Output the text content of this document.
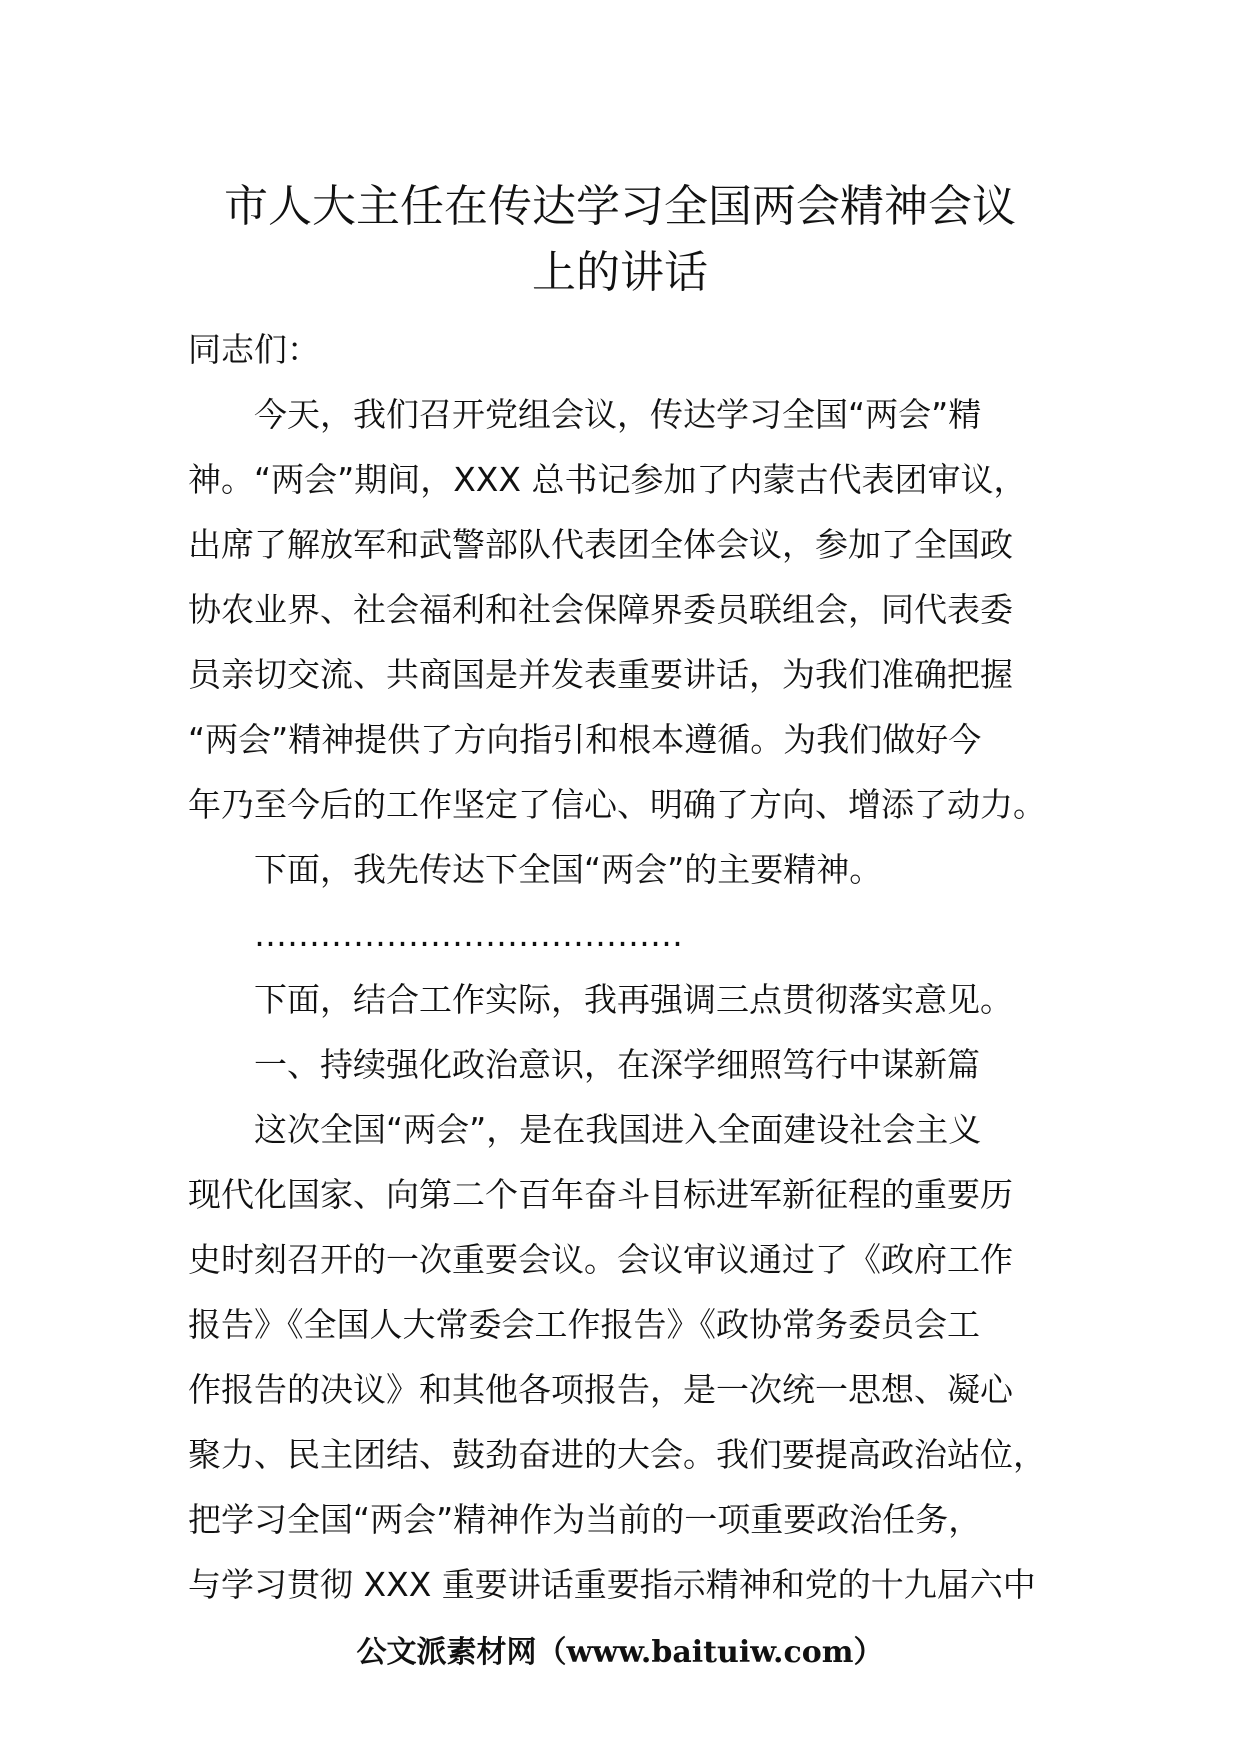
市人大主任在传达学习全国两会精神会议
上的讲话

同志们：

今天，我们召开党组会议，传达学习全国“两会”精

神。“两会”期间，XXX 总书记参加了内蒙古代表团审议，

出席了解放军和武警部队代表团全体会议，参加了全国政

协农业界、社会福利和社会保障界委员联组会，同代表委

员亲切交流、共商国是并发表重要讲话，为我们准确把握

“两会”精神提供了方向指引和根本遵循。为我们做好今

年乃至今后的工作坚定了信心、明确了方向、增添了动力。

下面，我先传达下全国“两会”的主要精神。

…………………………………

下面，结合工作实际，我再强调三点贯彻落实意见。

一、持续强化政治意识，在深学细照笃行中谋新篇

这次全国“两会”，是在我国进入全面建设社会主义

现代化国家、向第二个百年奋斗目标进军新征程的重要历

史时刻召开的一次重要会议。会议审议通过了《政府工作

报告》《全国人大常委会工作报告》《政协常务委员会工

作报告的决议》和其他各项报告，是一次统一思想、凝心

聚力、民主团结、鼓劲奋进的大会。我们要提高政治站位，

把学习全国“两会”精神作为当前的一项重要政治任务，

与学习贯彻 XXX 重要讲话重要指示精神和党的十九届六中

公文派素材网（www.baituiw.com）
